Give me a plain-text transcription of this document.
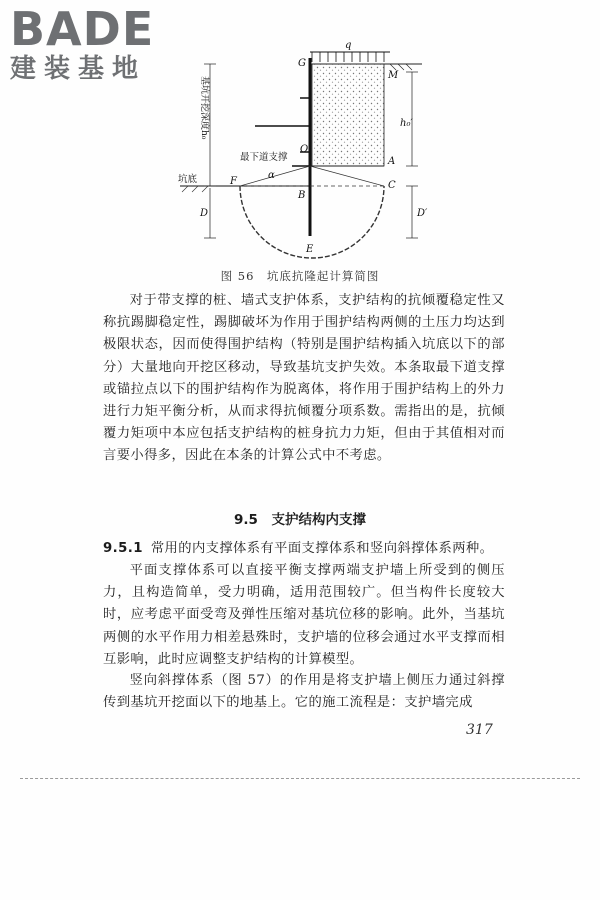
BADE
建装基地
q
G
M
O
A
F
B
C
E
D	D′
α
h₀′
最下道支撑
坑底
基坑开挖深度h₀
图 56　坑底抗隆起计算简图

对于带支撑的桩、墙式支护体系，支护结构的抗倾覆稳定性又称抗踢脚稳定性，踢脚破坏为作用于围护结构两侧的土压力均达到极限状态，因而使得围护结构（特别是围护结构插入坑底以下的部分）大量地向开挖区移动，导致基坑支护失效。本条取最下道支撑或锚拉点以下的围护结构作为脱离体，将作用于围护结构上的外力进行力矩平衡分析，从而求得抗倾覆分项系数。需指出的是，抗倾覆力矩项中本应包括支护结构的桩身抗力力矩，但由于其值相对而言要小得多，因此在本条的计算公式中不考虑。

9.5　支护结构内支撑

9.5.1 常用的内支撑体系有平面支撑体系和竖向斜撑体系两种。

平面支撑体系可以直接平衡支撑两端支护墙上所受到的侧压力，且构造简单，受力明确，适用范围较广。但当构件长度较大时，应考虑平面受弯及弹性压缩对基坑位移的影响。此外，当基坑两侧的水平作用力相差悬殊时，支护墙的位移会通过水平支撑而相互影响，此时应调整支护结构的计算模型。

竖向斜撑体系（图 57）的作用是将支护墙上侧压力通过斜撑传到基坑开挖面以下的地基上。它的施工流程是：支护墙完成

317
